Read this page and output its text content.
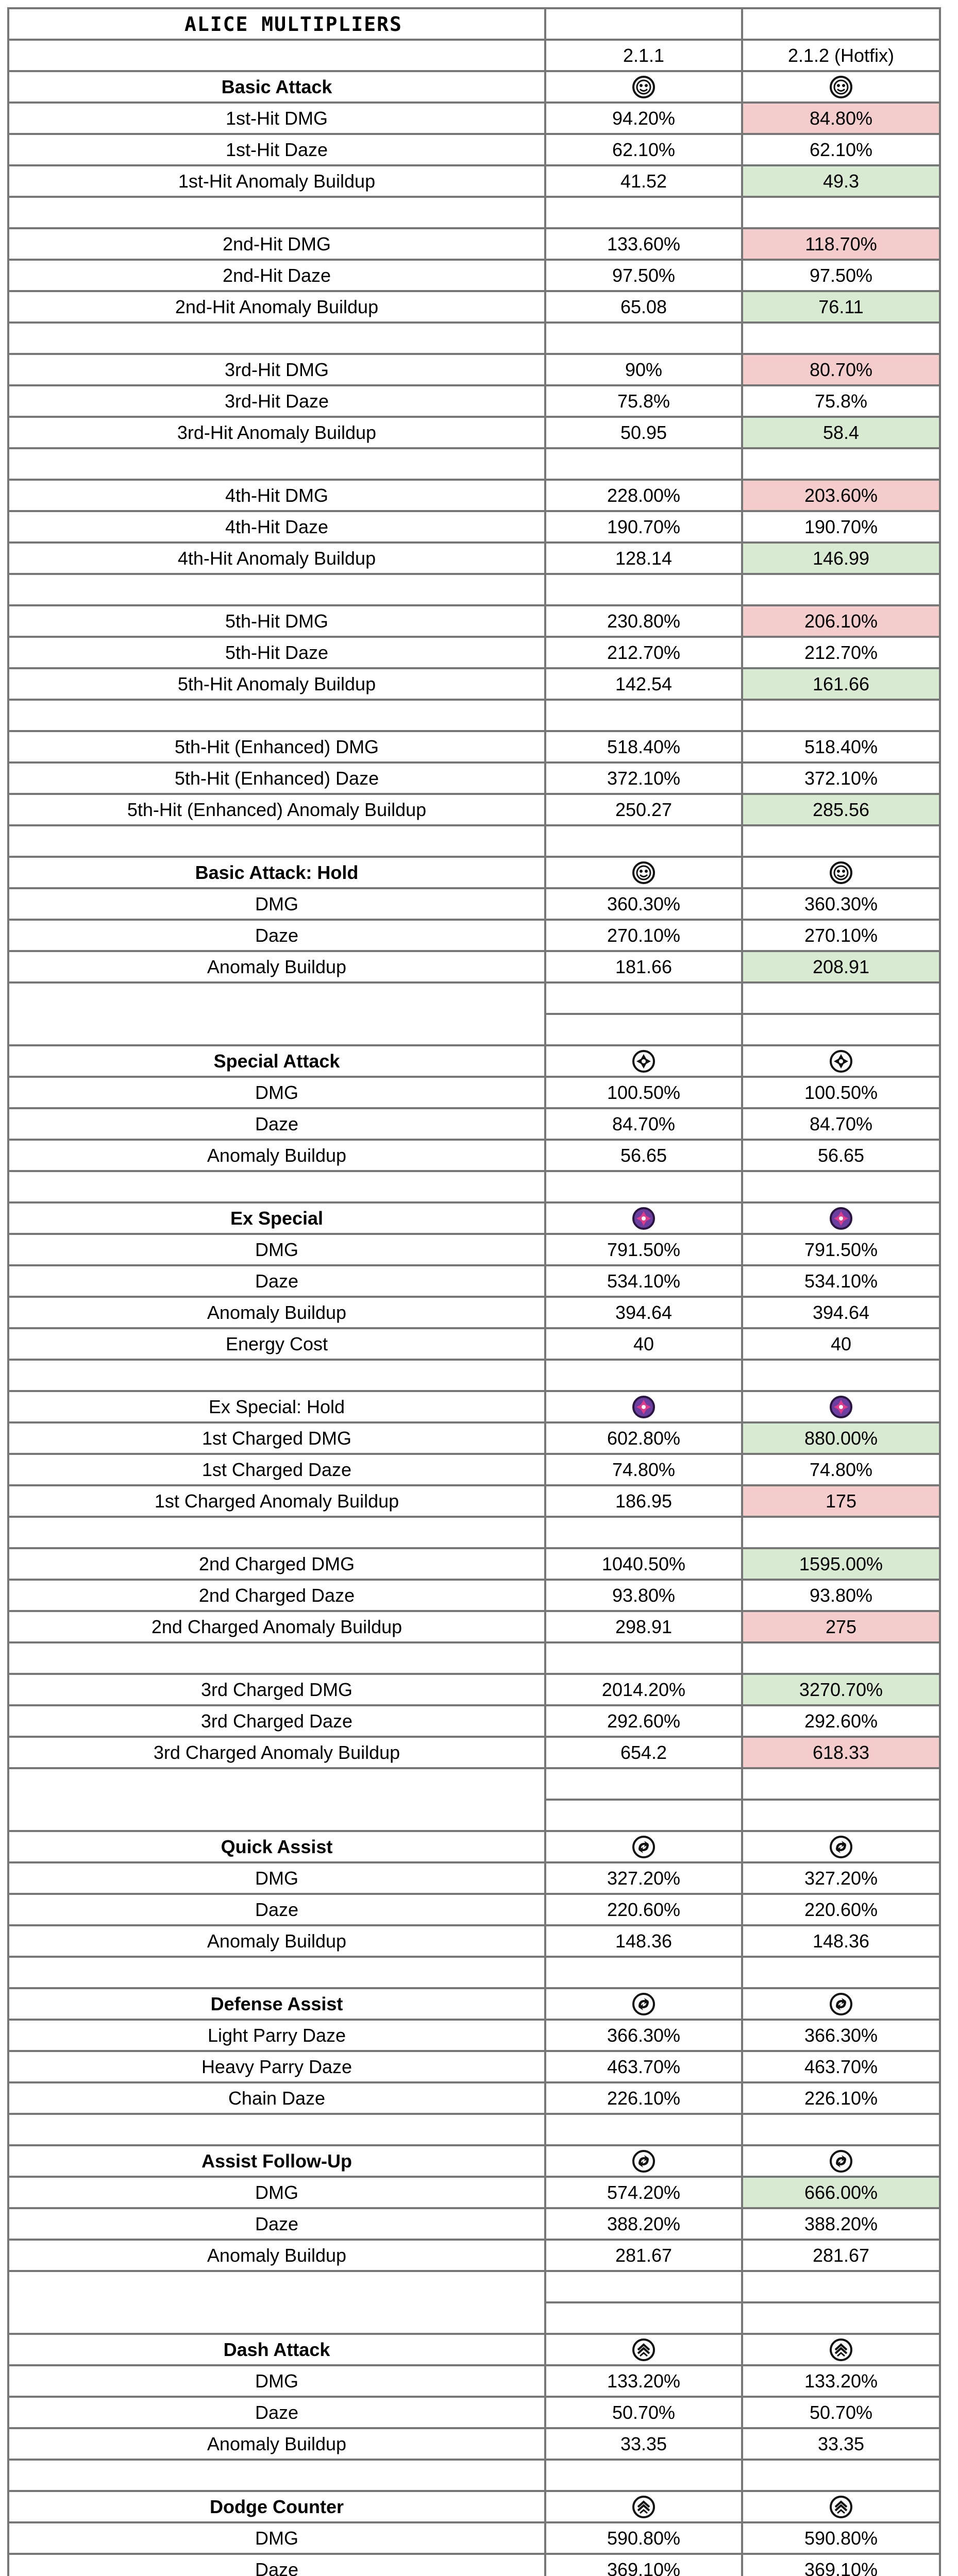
ALICE MULTIPLIERS
2.1.1	2.1.2 (Hotfix)
Basic Attack
1st-Hit DMG	94.20%	84.80%
1st-Hit Daze	62.10%	62.10%
1st-Hit Anomaly Buildup	41.52	49.3
2nd-Hit DMG	133.60%	118.70%
2nd-Hit Daze	97.50%	97.50%
2nd-Hit Anomaly Buildup	65.08	76.11
3rd-Hit DMG	90%	80.70%
3rd-Hit Daze	75.8%	75.8%
3rd-Hit Anomaly Buildup	50.95	58.4
4th-Hit DMG	228.00%	203.60%
4th-Hit Daze	190.70%	190.70%
4th-Hit Anomaly Buildup	128.14	146.99
5th-Hit DMG	230.80%	206.10%
5th-Hit Daze	212.70%	212.70%
5th-Hit Anomaly Buildup	142.54	161.66
5th-Hit (Enhanced) DMG	518.40%	518.40%
5th-Hit (Enhanced) Daze	372.10%	372.10%
5th-Hit (Enhanced) Anomaly Buildup	250.27	285.56
Basic Attack: Hold
DMG	360.30%	360.30%
Daze	270.10%	270.10%
Anomaly Buildup	181.66	208.91
Special Attack
DMG	100.50%	100.50%
Daze	84.70%	84.70%
Anomaly Buildup	56.65	56.65
Ex Special
DMG	791.50%	791.50%
Daze	534.10%	534.10%
Anomaly Buildup	394.64	394.64
Energy Cost	40	40
Ex Special: Hold
1st Charged DMG	602.80%	880.00%
1st Charged Daze	74.80%	74.80%
1st Charged Anomaly Buildup	186.95	175
2nd Charged DMG	1040.50%	1595.00%
2nd Charged Daze	93.80%	93.80%
2nd Charged Anomaly Buildup	298.91	275
3rd Charged DMG	2014.20%	3270.70%
3rd Charged Daze	292.60%	292.60%
3rd Charged Anomaly Buildup	654.2	618.33
Quick Assist
DMG	327.20%	327.20%
Daze	220.60%	220.60%
Anomaly Buildup	148.36	148.36
Defense Assist
Light Parry Daze	366.30%	366.30%
Heavy Parry Daze	463.70%	463.70%
Chain Daze	226.10%	226.10%
Assist Follow-Up
DMG	574.20%	666.00%
Daze	388.20%	388.20%
Anomaly Buildup	281.67	281.67
Dash Attack
DMG	133.20%	133.20%
Daze	50.70%	50.70%
Anomaly Buildup	33.35	33.35
Dodge Counter
DMG	590.80%	590.80%
Daze	369.10%	369.10%
